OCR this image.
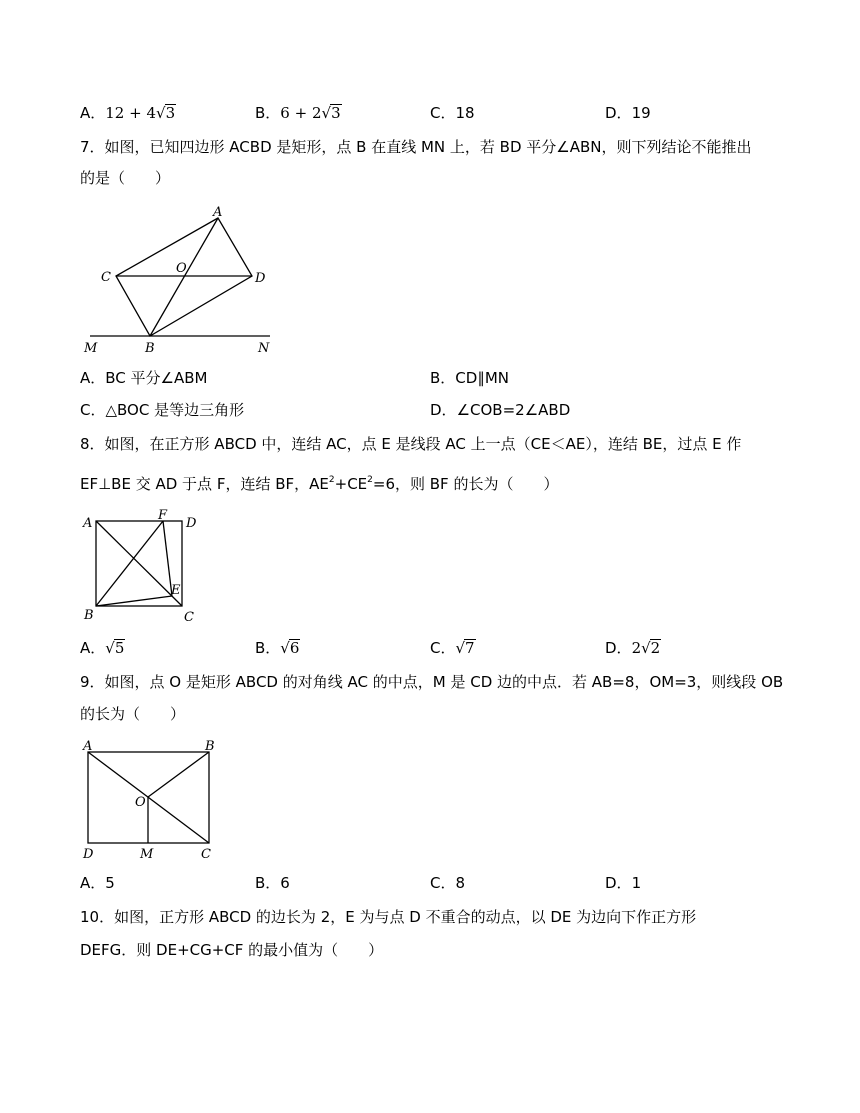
A．12 + 4√3	B．6 + 2√3	C．18	D．19
7．如图，已知四边形 ACBD 是矩形，点 B 在直线 MN 上，若 BD 平分∠ABN，则下列结论不能推出
的是（　　）
A
C
O
D
M	B	N
A
F
D
E
B	C
A	B
O
D	M	C
A．BC 平分∠ABM	B．CD∥MN
C．△BOC 是等边三角形	D．∠COB=2∠ABD
8．如图，在正方形 ABCD 中，连结 AC，点 E 是线段 AC 上一点（CE＜AE），连结 BE，过点 E 作
EF⊥BE 交 AD 于点 F，连结 BF，$AE^2+CE^2=6$，则 BF 的长为（　　）
A．√5	B．√6	C．√7	D．2√2
9．如图，点 O 是矩形 ABCD 的对角线 AC 的中点，M 是 CD 边的中点．若 AB=8，OM=3，则线段 OB
的长为（　　）
A．5	B．6	C．8	D．1
10．如图，正方形 ABCD 的边长为 2，E 为与点 D 不重合的动点，以 DE 为边向下作正方形
DEFG．则 DE+CG+CF 的最小值为（　　）
